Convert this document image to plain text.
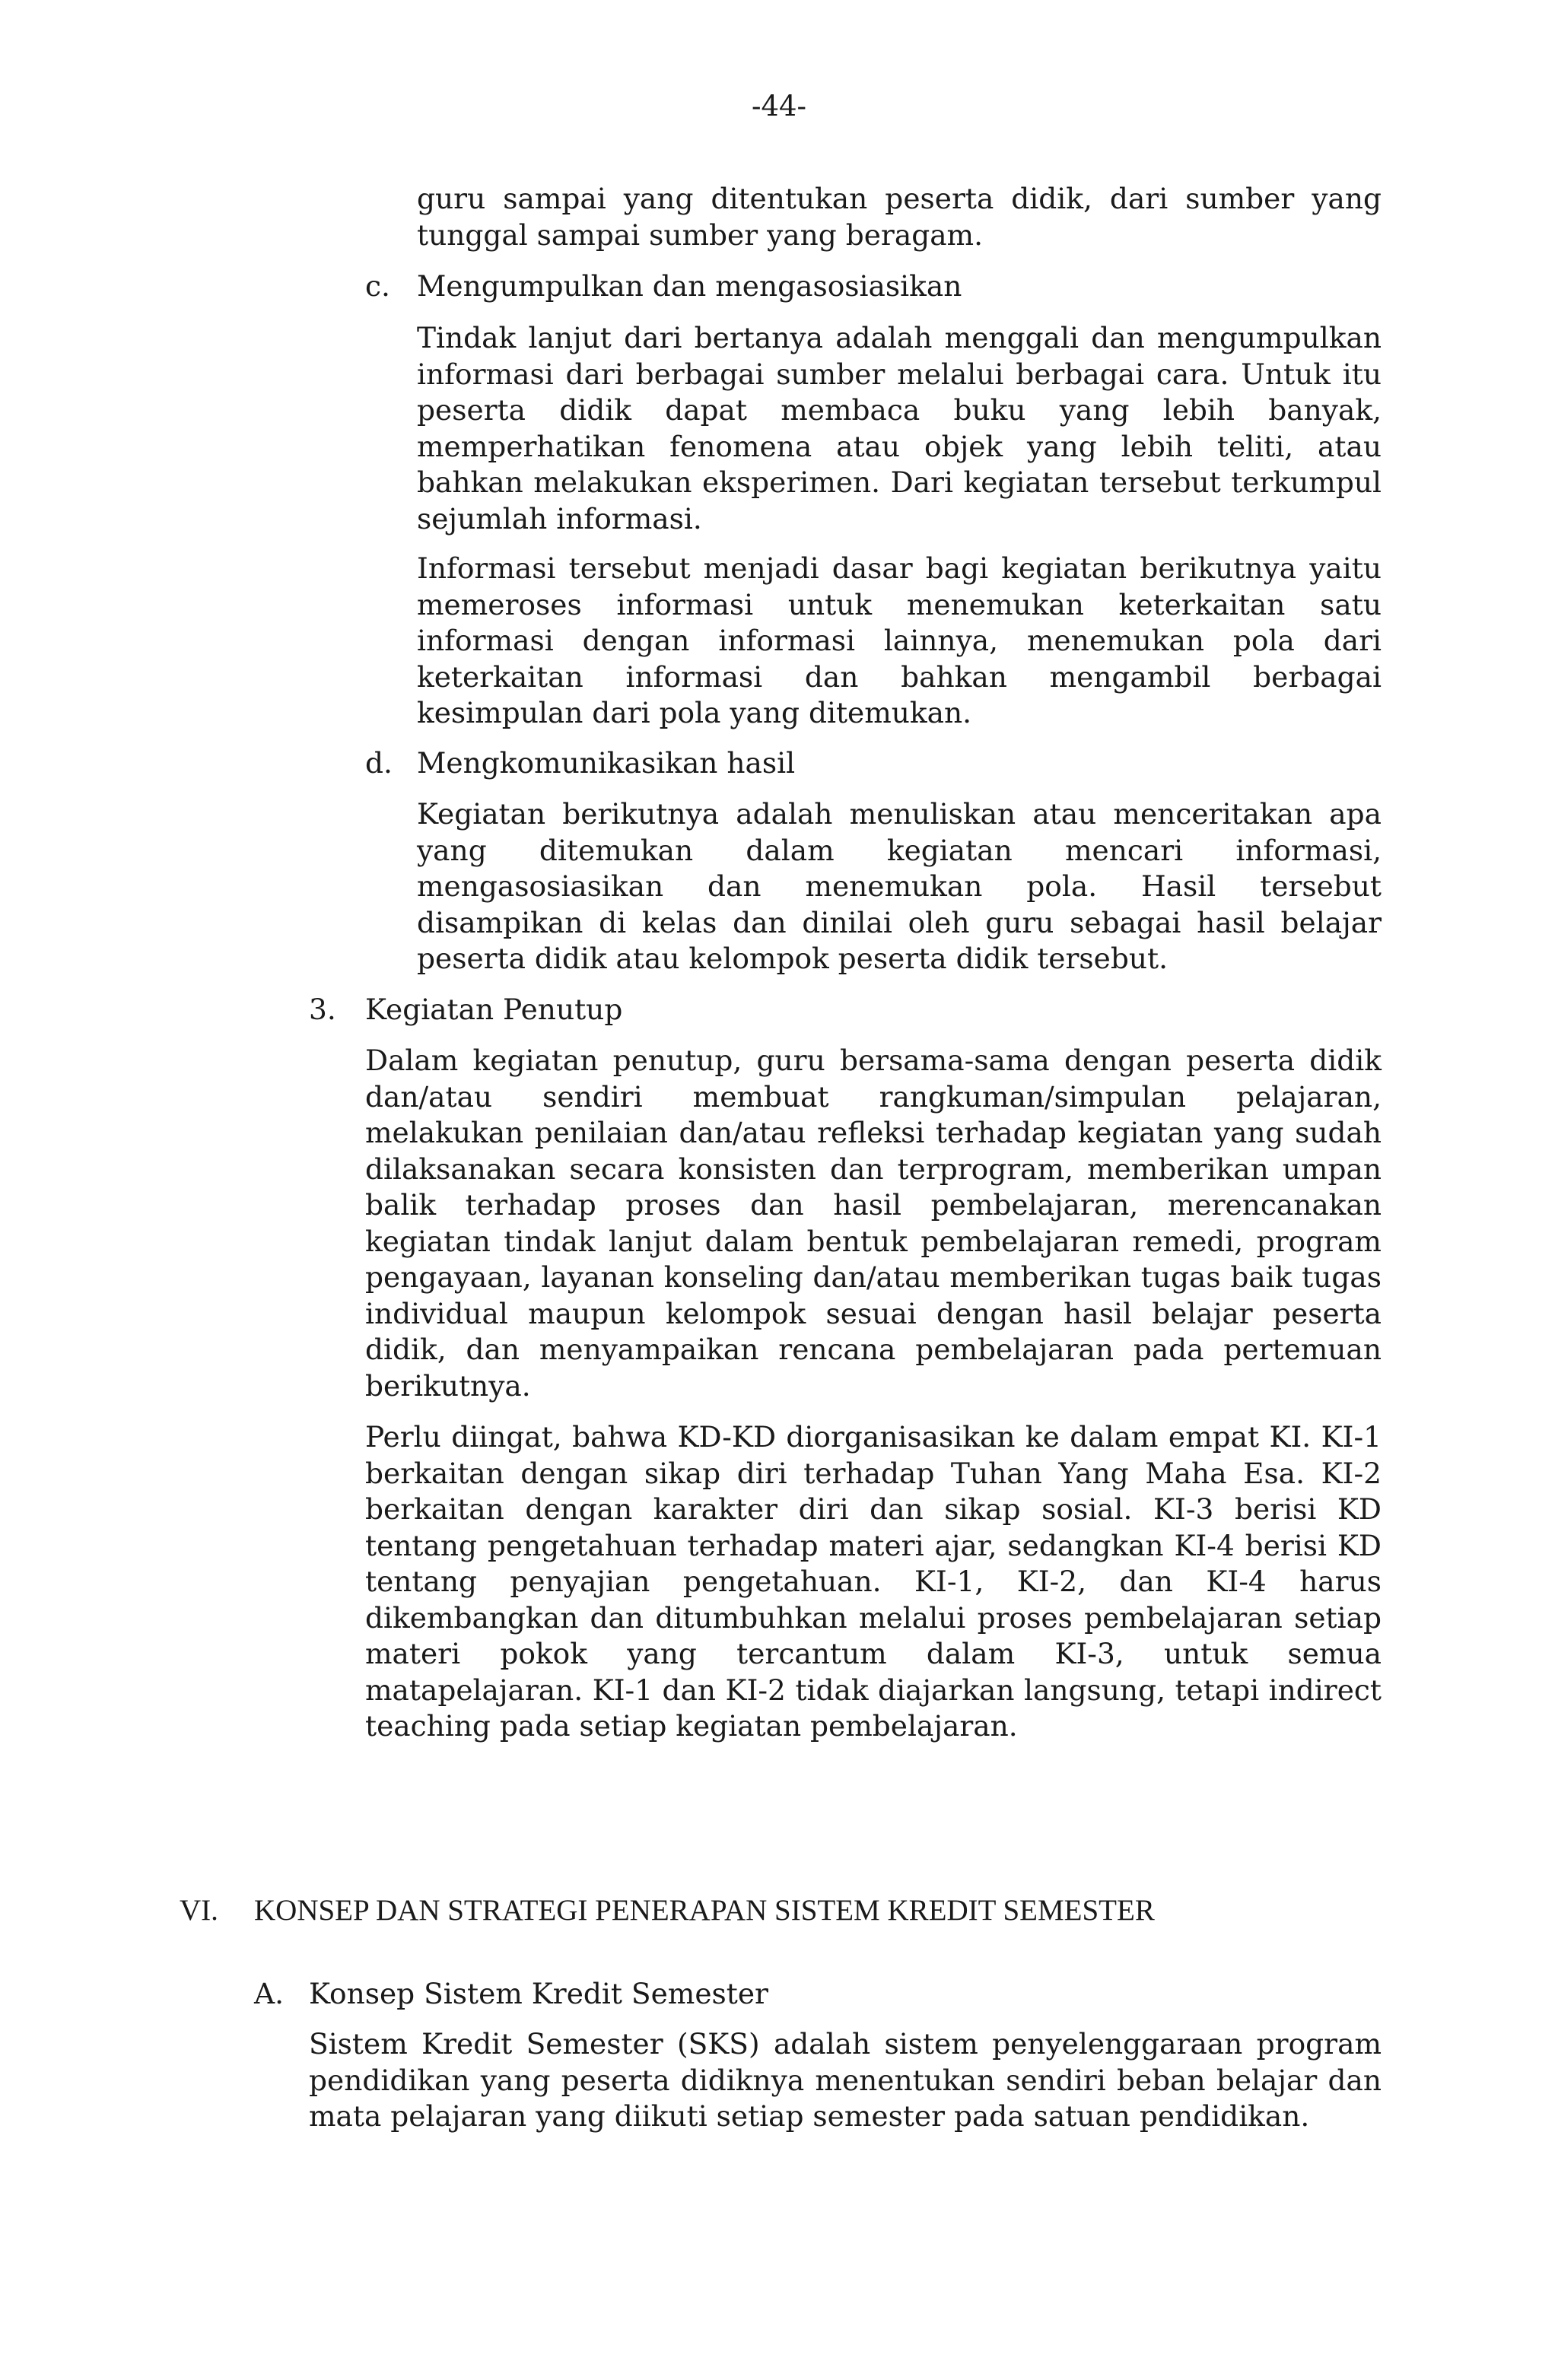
-44-

guru sampai yang ditentukan peserta didik, dari sumber yang tunggal sampai sumber yang beragam.

c. Mengumpulkan dan mengasosiasikan

Tindak lanjut dari bertanya adalah menggali dan mengumpulkan informasi dari berbagai sumber melalui berbagai cara. Untuk itu peserta didik dapat membaca buku yang lebih banyak, memperhatikan fenomena atau objek yang lebih teliti, atau bahkan melakukan eksperimen. Dari kegiatan tersebut terkumpul sejumlah informasi.

Informasi tersebut menjadi dasar bagi kegiatan berikutnya yaitu memeroses informasi untuk menemukan keterkaitan satu informasi dengan informasi lainnya, menemukan pola dari keterkaitan informasi dan bahkan mengambil berbagai kesimpulan dari pola yang ditemukan.

d. Mengkomunikasikan hasil

Kegiatan berikutnya adalah menuliskan atau menceritakan apa yang ditemukan dalam kegiatan mencari informasi, mengasosiasikan dan menemukan pola. Hasil tersebut disampikan di kelas dan dinilai oleh guru sebagai hasil belajar peserta didik atau kelompok peserta didik tersebut.

3. Kegiatan Penutup

Dalam kegiatan penutup, guru bersama-sama dengan peserta didik dan/atau sendiri membuat rangkuman/simpulan pelajaran, melakukan penilaian dan/atau refleksi terhadap kegiatan yang sudah dilaksanakan secara konsisten dan terprogram, memberikan umpan balik terhadap proses dan hasil pembelajaran, merencanakan kegiatan tindak lanjut dalam bentuk pembelajaran remedi, program pengayaan, layanan konseling dan/atau memberikan tugas baik tugas individual maupun kelompok sesuai dengan hasil belajar peserta didik, dan menyampaikan rencana pembelajaran pada pertemuan berikutnya.

Perlu diingat, bahwa KD-KD diorganisasikan ke dalam empat KI. KI-1 berkaitan dengan sikap diri terhadap Tuhan Yang Maha Esa. KI-2 berkaitan dengan karakter diri dan sikap sosial. KI-3 berisi KD tentang pengetahuan terhadap materi ajar, sedangkan KI-4 berisi KD tentang penyajian pengetahuan. KI-1, KI-2, dan KI-4 harus dikembangkan dan ditumbuhkan melalui proses pembelajaran setiap materi pokok yang tercantum dalam KI-3, untuk semua matapelajaran. KI-1 dan KI-2 tidak diajarkan langsung, tetapi indirect teaching pada setiap kegiatan pembelajaran.

VI. KONSEP DAN STRATEGI PENERAPAN SISTEM KREDIT SEMESTER
A. Konsep Sistem Kredit Semester

Sistem Kredit Semester (SKS) adalah sistem penyelenggaraan program pendidikan yang peserta didiknya menentukan sendiri beban belajar dan mata pelajaran yang diikuti setiap semester pada satuan pendidikan.
